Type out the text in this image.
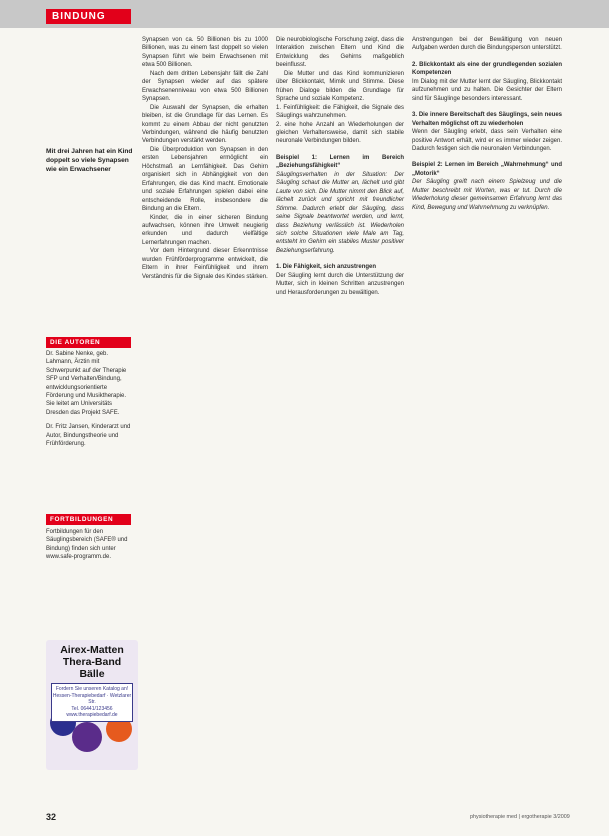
BINDUNG
Mit drei Jahren hat ein Kind doppelt so viele Synapsen wie ein Erwachsener
DIE AUTOREN

Dr. Sabine Nenke, geb. Lahmann, Ärztin mit Schwerpunkt auf der Therapie SFP und Verhalten/Bindung, entwicklungsorientierte Förderung und Musiktherapie. Sie leitet am Universitäts Dresden das Projekt SAFE.

Dr. Fritz Jansen, Kinderarzt und Autor, Bindungstheorie und Frühförderung.

FORTBILDUNGEN
Fortbildungen für den Säuglingsbereich (SAFE® und Bindung) finden sich unter www.safe-programm.de.

Synapsen von ca. 50 Billionen bis zu 1000 Billionen, was zu einem fast doppelt so vielen Synapsen führt wie beim Erwachsenen mit etwa 500 Billionen.

Nach dem dritten Lebensjahr fällt die Zahl der Synapsen wieder auf das spätere Erwachsenenniveau von etwa 500 Billionen Synapsen.

Die Auswahl der Synapsen, die erhalten bleiben, ist die Grundlage für das Lernen. Es kommt zu einem Abbau der nicht genutzten Verbindungen, während die häufig benutzten Verbindungen verstärkt werden.

Die Überproduktion von Synapsen in den ersten Lebensjahren ermöglicht ein Höchstmaß an Lernfähigkeit. Das Gehirn organisiert sich in Abhängigkeit von den Erfahrungen, die das Kind macht. Emotionale und soziale Erfahrungen spielen dabei eine entscheidende Rolle, insbesondere die Bindung an die Eltern.

Kinder, die in einer sicheren Bindung aufwachsen, können ihre Umwelt neugierig erkunden und dadurch vielfältige Lernerfahrungen machen.

Vor dem Hintergrund dieser Erkenntnisse wurden Frühförderprogramme entwickelt, die Eltern in ihrer Feinfühligkeit und ihrem Verständnis für die Signale des Kindes stärken.

Die neurobiologische Forschung zeigt, dass die Interaktion zwischen Eltern und Kind die Entwicklung des Gehirns maßgeblich beeinflusst.

Die Mutter und das Kind kommunizieren über Blickkontakt, Mimik und Stimme. Diese frühen Dialoge bilden die Grundlage für Sprache und soziale Kompetenz.

1. Feinfühligkeit: die Fähigkeit, die Signale des Säuglings wahrzunehmen.

2. eine hohe Anzahl an Wiederholungen der gleichen Verhaltensweise, damit sich stabile neuronale Verbindungen bilden.

Beispiel 1: Lernen im Bereich „Beziehungsfähigkeit“

Säuglingsverhalten in der Situation: Der Säugling schaut die Mutter an, lächelt und gibt Laute von sich. Die Mutter nimmt den Blick auf, lächelt zurück und spricht mit freundlicher Stimme. Dadurch erlebt der Säugling, dass seine Signale beantwortet werden, und lernt, dass Beziehung verlässlich ist. Wiederholen sich solche Situationen viele Male am Tag, entsteht im Gehirn ein stabiles Muster positiver Beziehungserfahrung.

1. Die Fähigkeit, sich anzustrengen

Der Säugling lernt durch die Unterstützung der Mutter, sich in kleinen Schritten anzustrengen und Herausforderungen zu bewältigen.

Anstrengungen bei der Bewältigung von neuen Aufgaben werden durch die Bindungsperson unterstützt.

2. Blickkontakt als eine der grundlegenden sozialen Kompetenzen

Im Dialog mit der Mutter lernt der Säugling, Blickkontakt aufzunehmen und zu halten. Die Gesichter der Eltern sind für Säuglinge besonders interessant.

3. Die innere Bereitschaft des Säuglings, sein neues Verhalten möglichst oft zu wiederholen

Wenn der Säugling erlebt, dass sein Verhalten eine positive Antwort erhält, wird er es immer wieder zeigen. Dadurch festigen sich die neuronalen Verbindungen.

Beispiel 2: Lernen im Bereich „Wahrnehmung“ und „Motorik“

Der Säugling greift nach einem Spielzeug und die Mutter beschreibt mit Worten, was er tut. Durch die Wiederholung dieser gemeinsamen Erfahrung lernt das Kind, Bewegung und Wahrnehmung zu verknüpfen.

Airex-Matten
Thera-Band
Bälle
Fordern Sie unseren Katalog an!
Hessen-Therapiebedarf · Wetzlarer Str.
Tel. 06441/123456
www.therapiebedarf.de
32	physiotherapie med | ergotherapie 3/2009
